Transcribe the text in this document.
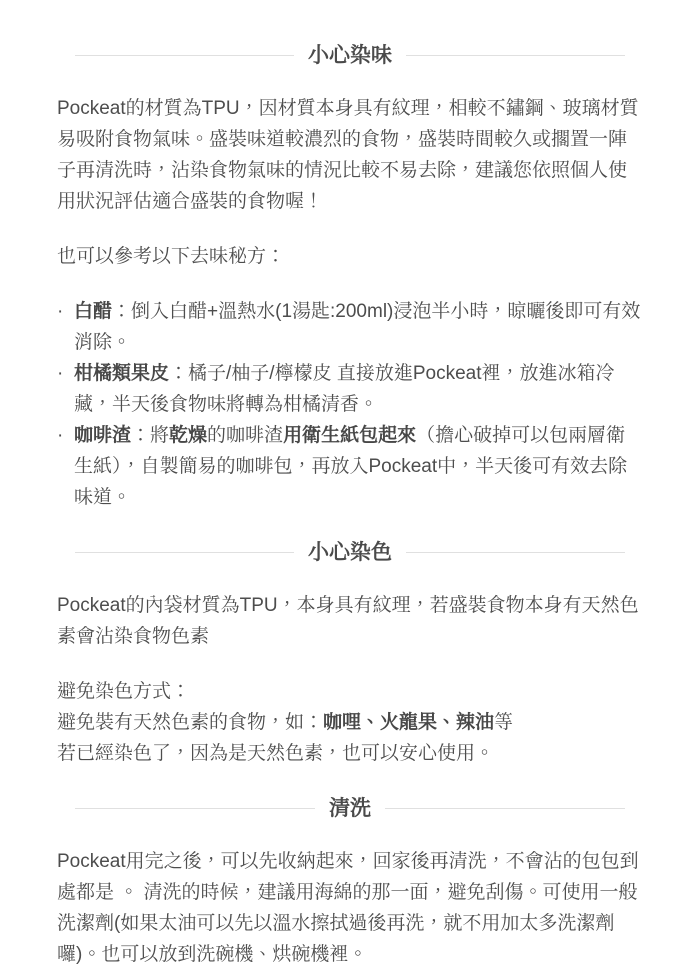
小心染味

Pockeat的材質為TPU，因材質本身具有紋理，相較不鏽鋼、玻璃材質易吸附食物氣味。盛裝味道較濃烈的食物，盛裝時間較久或擱置一陣子再清洗時，沾染食物氣味的情況比較不易去除，建議您依照個人使用狀況評估適合盛裝的食物喔！

也可以參考以下去味秘方：

· 白醋：倒入白醋+溫熱水(1湯匙:200ml)浸泡半小時，晾曬後即可有效消除。
· 柑橘類果皮：橘子/柚子/檸檬皮 直接放進Pockeat裡，放進冰箱冷藏，半天後食物味將轉為柑橘清香。
· 咖啡渣：將乾燥的咖啡渣用衛生紙包起來（擔心破掉可以包兩層衛生紙），自製簡易的咖啡包，再放入Pockeat中，半天後可有效去除味道。
小心染色

Pockeat的內袋材質為TPU，本身具有紋理，若盛裝食物本身有天然色素會沾染食物色素

避免染色方式：

避免裝有天然色素的食物，如：咖哩、火龍果、辣油等

若已經染色了，因為是天然色素，也可以安心使用。

清洗

Pockeat用完之後，可以先收納起來，回家後再清洗，不會沾的包包到處都是 。 清洗的時候，建議用海綿的那一面，避免刮傷。可使用一般洗潔劑(如果太油可以先以溫水擦拭過後再洗，就不用加太多洗潔劑囉)。也可以放到洗碗機、烘碗機裡。
